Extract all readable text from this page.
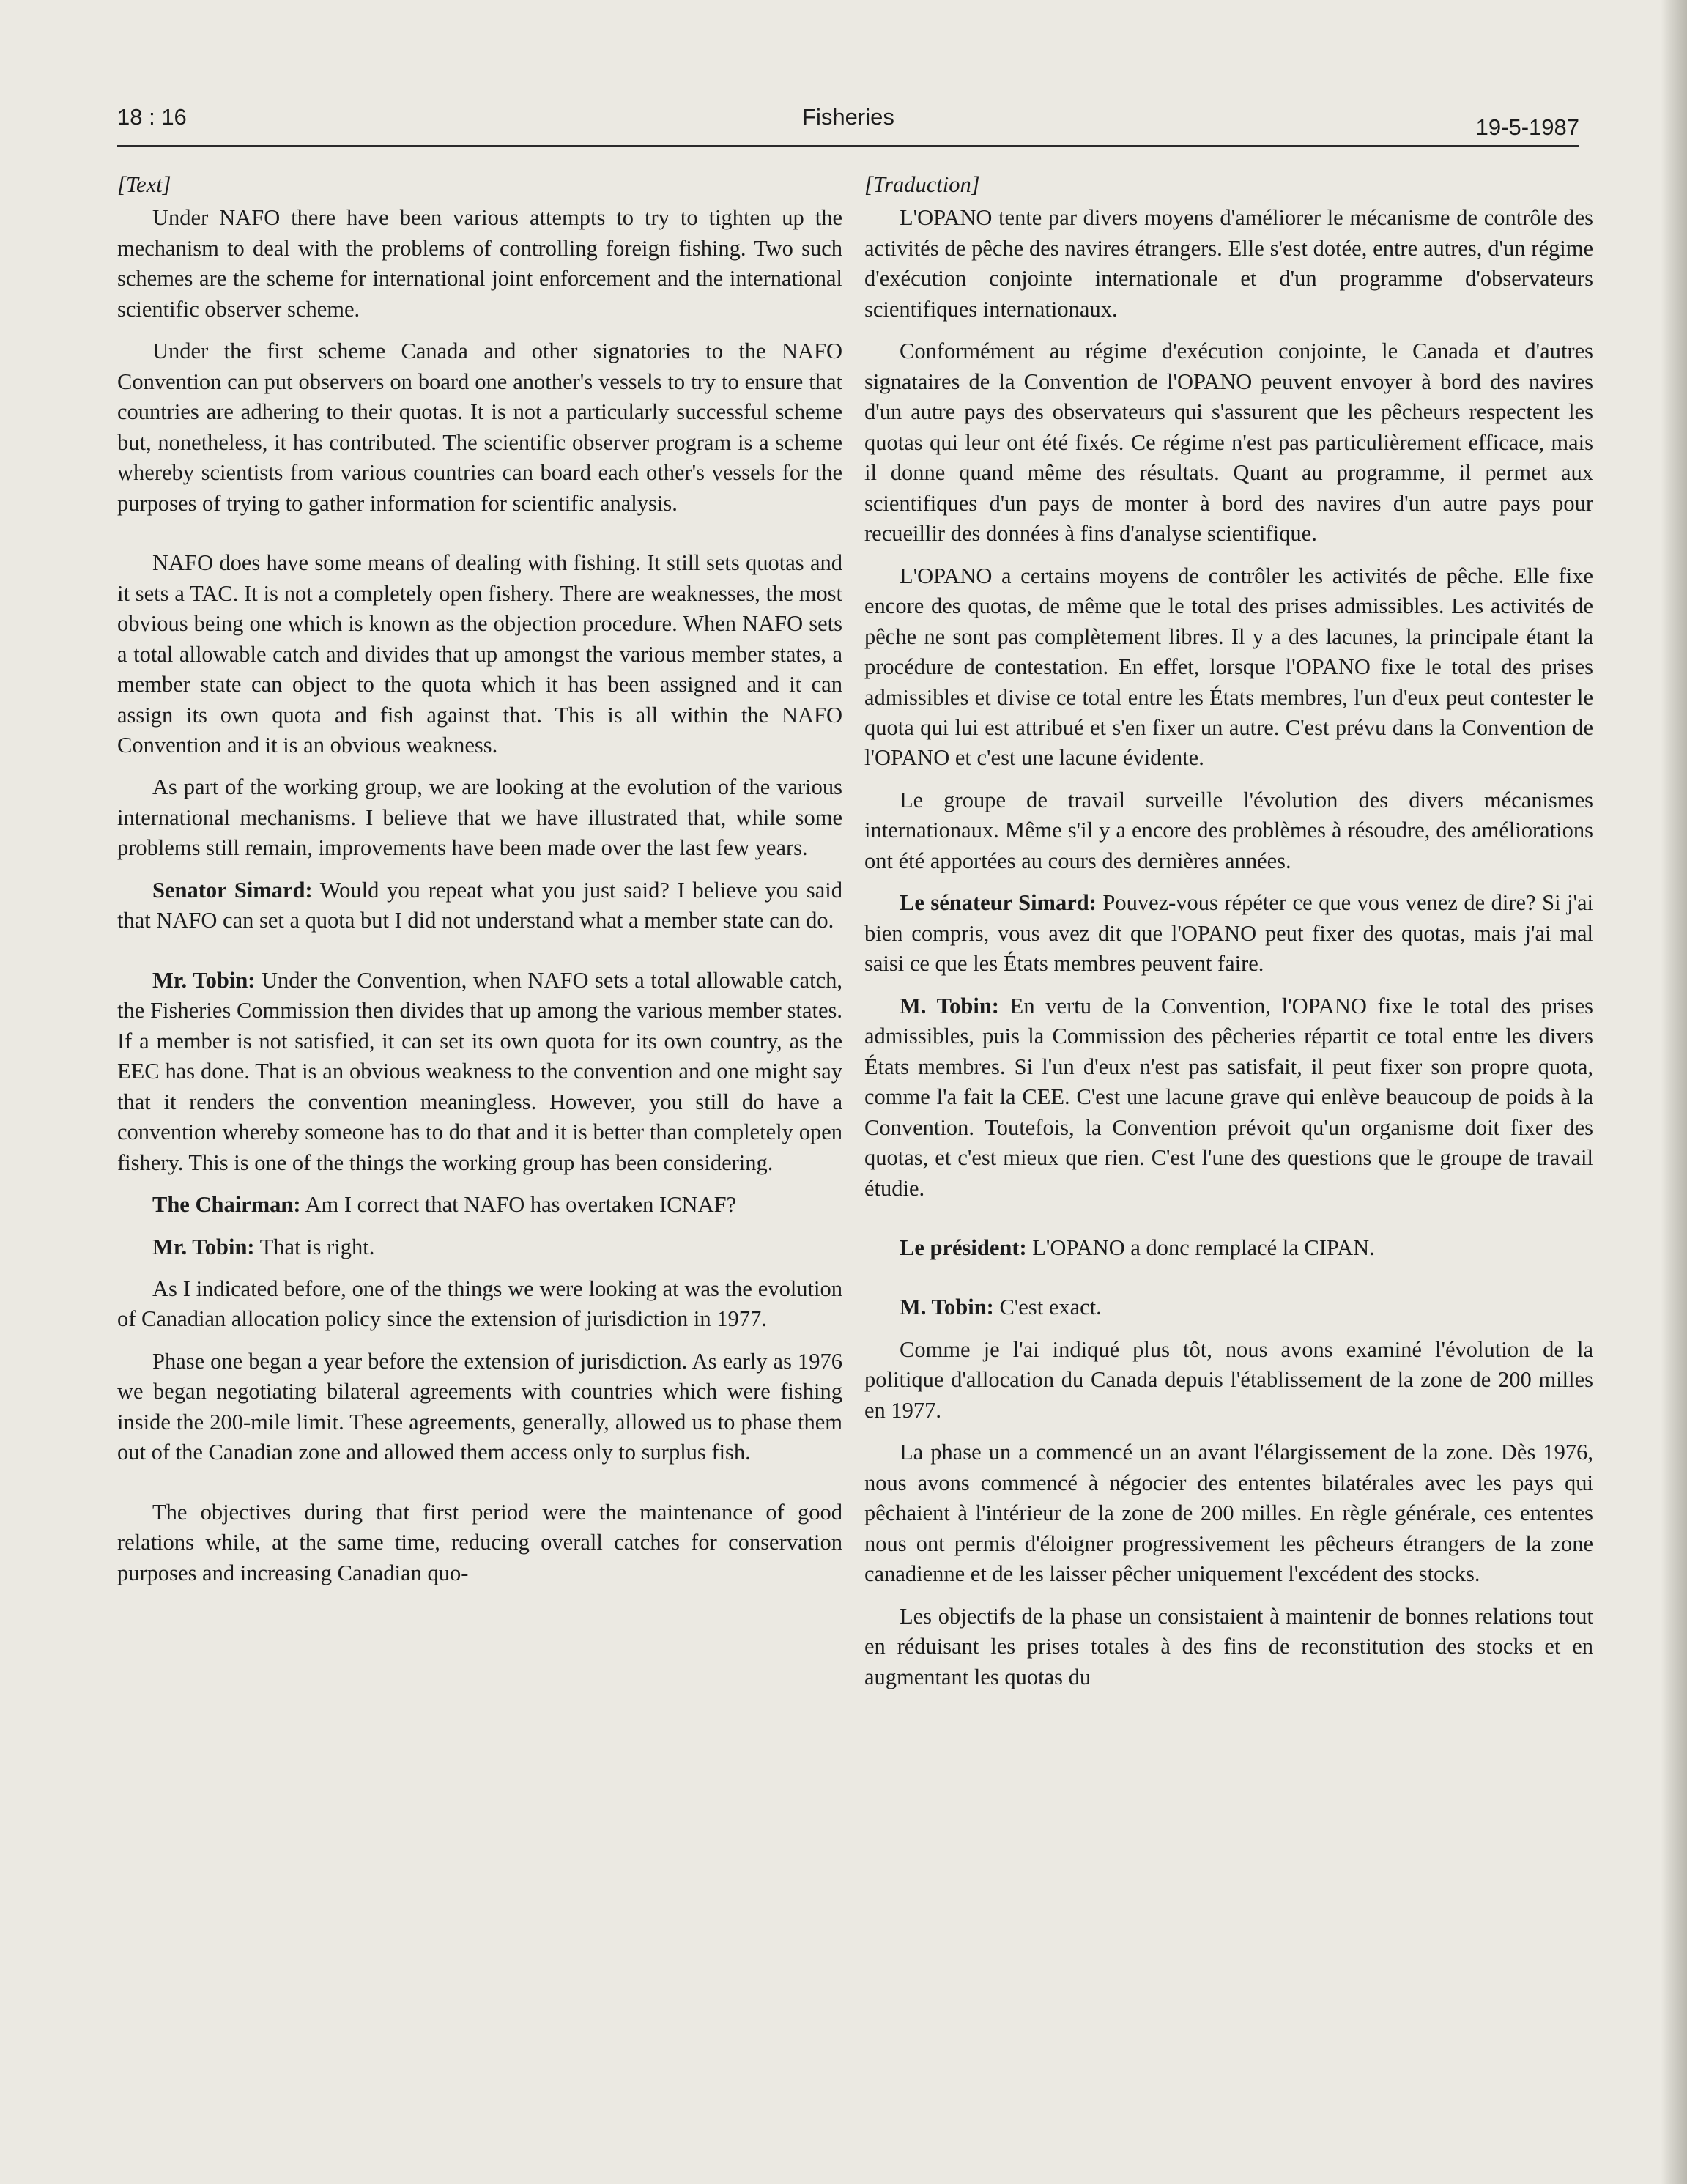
18 : 16	Fisheries	19-5-1987
[Text]

Under NAFO there have been various attempts to try to tighten up the mechanism to deal with the problems of controlling foreign fishing. Two such schemes are the scheme for international joint enforcement and the international scientific observer scheme.

Under the first scheme Canada and other signatories to the NAFO Convention can put observers on board one another's vessels to try to ensure that countries are adhering to their quotas. It is not a particularly successful scheme but, nonetheless, it has contributed. The scientific observer program is a scheme whereby scientists from various countries can board each other's vessels for the purposes of trying to gather information for scientific analysis.

NAFO does have some means of dealing with fishing. It still sets quotas and it sets a TAC. It is not a completely open fishery. There are weaknesses, the most obvious being one which is known as the objection procedure. When NAFO sets a total allowable catch and divides that up amongst the various member states, a member state can object to the quota which it has been assigned and it can assign its own quota and fish against that. This is all within the NAFO Convention and it is an obvious weakness.

As part of the working group, we are looking at the evolution of the various international mechanisms. I believe that we have illustrated that, while some problems still remain, improvements have been made over the last few years.

Senator Simard: Would you repeat what you just said? I believe you said that NAFO can set a quota but I did not understand what a member state can do.

Mr. Tobin: Under the Convention, when NAFO sets a total allowable catch, the Fisheries Commission then divides that up among the various member states. If a member is not satisfied, it can set its own quota for its own country, as the EEC has done. That is an obvious weakness to the convention and one might say that it renders the convention meaningless. However, you still do have a convention whereby someone has to do that and it is better than completely open fishery. This is one of the things the working group has been considering.

The Chairman: Am I correct that NAFO has overtaken ICNAF?

Mr. Tobin: That is right.

As I indicated before, one of the things we were looking at was the evolution of Canadian allocation policy since the extension of jurisdiction in 1977.

Phase one began a year before the extension of jurisdiction. As early as 1976 we began negotiating bilateral agreements with countries which were fishing inside the 200-mile limit. These agreements, generally, allowed us to phase them out of the Canadian zone and allowed them access only to surplus fish.

The objectives during that first period were the maintenance of good relations while, at the same time, reducing overall catches for conservation purposes and increasing Canadian quo-

[Traduction]

L'OPANO tente par divers moyens d'améliorer le mécanisme de contrôle des activités de pêche des navires étrangers. Elle s'est dotée, entre autres, d'un régime d'exécution conjointe internationale et d'un programme d'observateurs scientifiques internationaux.

Conformément au régime d'exécution conjointe, le Canada et d'autres signataires de la Convention de l'OPANO peuvent envoyer à bord des navires d'un autre pays des observateurs qui s'assurent que les pêcheurs respectent les quotas qui leur ont été fixés. Ce régime n'est pas particulièrement efficace, mais il donne quand même des résultats. Quant au programme, il permet aux scientifiques d'un pays de monter à bord des navires d'un autre pays pour recueillir des données à fins d'analyse scientifique.

L'OPANO a certains moyens de contrôler les activités de pêche. Elle fixe encore des quotas, de même que le total des prises admissibles. Les activités de pêche ne sont pas complètement libres. Il y a des lacunes, la principale étant la procédure de contestation. En effet, lorsque l'OPANO fixe le total des prises admissibles et divise ce total entre les États membres, l'un d'eux peut contester le quota qui lui est attribué et s'en fixer un autre. C'est prévu dans la Convention de l'OPANO et c'est une lacune évidente.

Le groupe de travail surveille l'évolution des divers mécanismes internationaux. Même s'il y a encore des problèmes à résoudre, des améliorations ont été apportées au cours des dernières années.

Le sénateur Simard: Pouvez-vous répéter ce que vous venez de dire? Si j'ai bien compris, vous avez dit que l'OPANO peut fixer des quotas, mais j'ai mal saisi ce que les États membres peuvent faire.

M. Tobin: En vertu de la Convention, l'OPANO fixe le total des prises admissibles, puis la Commission des pêcheries répartit ce total entre les divers États membres. Si l'un d'eux n'est pas satisfait, il peut fixer son propre quota, comme l'a fait la CEE. C'est une lacune grave qui enlève beaucoup de poids à la Convention. Toutefois, la Convention prévoit qu'un organisme doit fixer des quotas, et c'est mieux que rien. C'est l'une des questions que le groupe de travail étudie.

Le président: L'OPANO a donc remplacé la CIPAN.

M. Tobin: C'est exact.

Comme je l'ai indiqué plus tôt, nous avons examiné l'évolution de la politique d'allocation du Canada depuis l'établissement de la zone de 200 milles en 1977.

La phase un a commencé un an avant l'élargissement de la zone. Dès 1976, nous avons commencé à négocier des ententes bilatérales avec les pays qui pêchaient à l'intérieur de la zone de 200 milles. En règle générale, ces ententes nous ont permis d'éloigner progressivement les pêcheurs étrangers de la zone canadienne et de les laisser pêcher uniquement l'excédent des stocks.

Les objectifs de la phase un consistaient à maintenir de bonnes relations tout en réduisant les prises totales à des fins de reconstitution des stocks et en augmentant les quotas du
